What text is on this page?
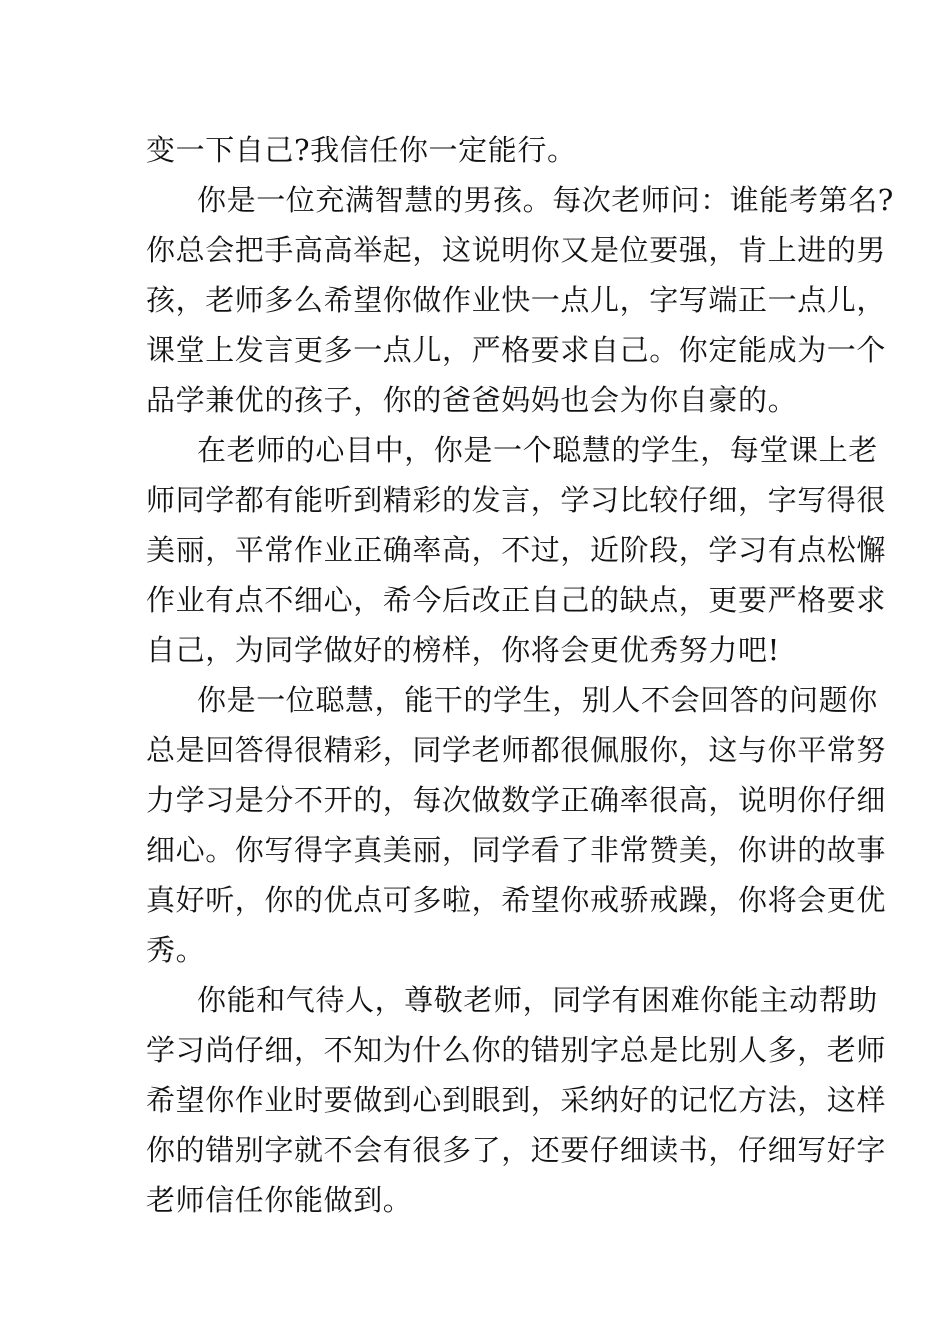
变一下自己?我信任你一定能行。
你是一位充满智慧的男孩。每次老师问：谁能考第名?
你总会把手高高举起，这说明你又是位要强，肯上进的男
孩，老师多么希望你做作业快一点儿，字写端正一点儿，
课堂上发言更多一点儿，严格要求自己。你定能成为一个
品学兼优的孩子，你的爸爸妈妈也会为你自豪的。
在老师的心目中，你是一个聪慧的学生，每堂课上老
师同学都有能听到精彩的发言，学习比较仔细，字写得很
美丽，平常作业正确率高，不过，近阶段，学习有点松懈
作业有点不细心，希今后改正自己的缺点，更要严格要求
自己，为同学做好的榜样，你将会更优秀努力吧!
你是一位聪慧，能干的学生，别人不会回答的问题你
总是回答得很精彩，同学老师都很佩服你，这与你平常努
力学习是分不开的，每次做数学正确率很高，说明你仔细
细心。你写得字真美丽，同学看了非常赞美，你讲的故事
真好听，你的优点可多啦，希望你戒骄戒躁，你将会更优
秀。
你能和气待人，尊敬老师，同学有困难你能主动帮助
学习尚仔细，不知为什么你的错别字总是比别人多，老师
希望你作业时要做到心到眼到，采纳好的记忆方法，这样
你的错别字就不会有很多了，还要仔细读书，仔细写好字
老师信任你能做到。
